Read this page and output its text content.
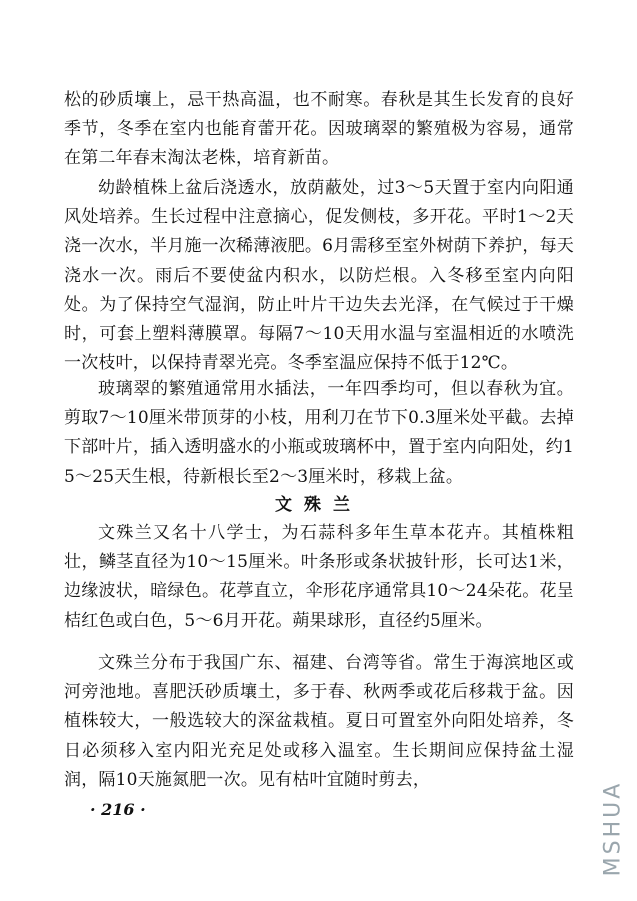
松的砂质壤上，忌干热高温，也不耐寒。春秋是其生长发育的良好季节，冬季在室内也能育蕾开花。因玻璃翠的繁殖极为容易，通常在第二年春末淘汰老株，培育新苗。

幼龄植株上盆后浇透水，放荫蔽处，过3～5天置于室内向阳通风处培养。生长过程中注意摘心，促发侧枝，多开花。平时1～2天浇一次水，半月施一次稀薄液肥。6月需移至室外树荫下养护，每天浇水一次。雨后不要使盆内积水，以防烂根。入冬移至室内向阳处。为了保持空气湿润，防止叶片干边失去光泽，在气候过于干燥时，可套上塑料薄膜罩。每隔7～10天用水温与室温相近的水喷洗一次枝叶，以保持青翠光亮。冬季室温应保持不低于12℃。

玻璃翠的繁殖通常用水插法，一年四季均可，但以春秋为宜。剪取7～10厘米带顶芽的小枝，用利刀在节下0.3厘米处平截。去掉下部叶片，插入透明盛水的小瓶或玻璃杯中，置于室内向阳处，约15～25天生根，待新根长至2～3厘米时，移栽上盆。

文殊兰

文殊兰又名十八学士，为石蒜科多年生草本花卉。其植株粗壮，鳞茎直径为10～15厘米。叶条形或条状披针形，长可达1米，边缘波状，暗绿色。花葶直立，伞形花序通常具10～24朵花。花呈桔红色或白色，5～6月开花。蒴果球形，直径约5厘米。

文殊兰分布于我国广东、福建、台湾等省。常生于海滨地区或河旁池地。喜肥沃砂质壤土，多于春、秋两季或花后移栽于盆。因植株较大，一般选较大的深盆栽植。夏日可置室外向阳处培养，冬日必须移入室内阳光充足处或移入温室。生长期间应保持盆土湿润，隔10天施氮肥一次。见有枯叶宜随时剪去，

· 216 ·	MSHUA
